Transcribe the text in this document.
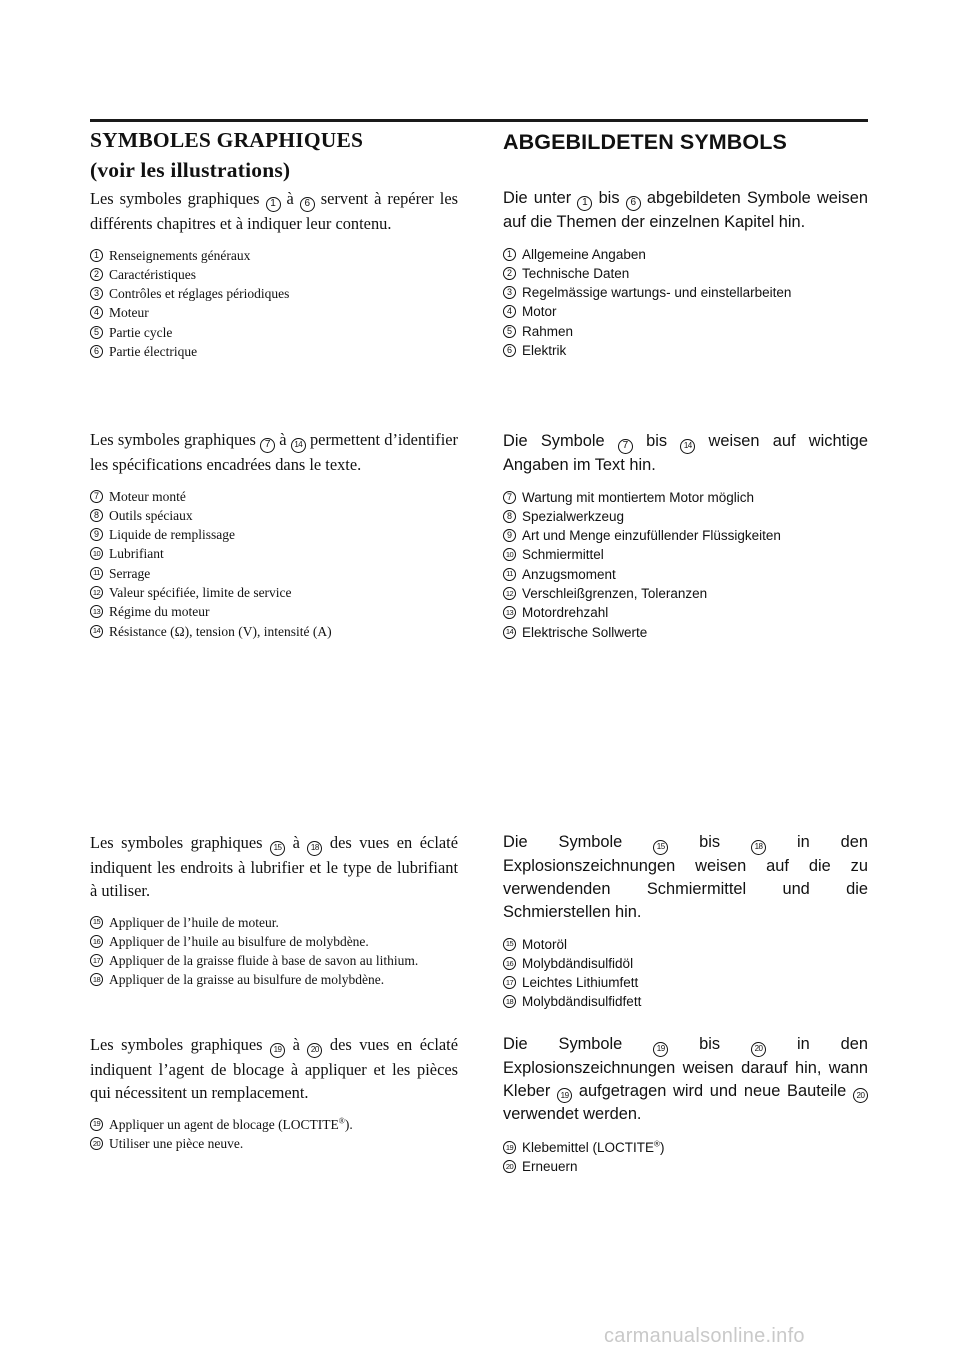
SYMBOLES GRAPHIQUES
(voir les illustrations)

Les symboles graphiques 1 à 6 servent à repérer les différents chapitres et à indiquer leur contenu.

1 Renseignements généraux
2 Caractéristiques
3 Contrôles et réglages périodiques
4 Moteur
5 Partie cycle
6 Partie électrique

Les symboles graphiques 7 à 14 permettent d’identifier les spécifications encadrées dans le texte.

7 Moteur monté
8 Outils spéciaux
9 Liquide de remplissage
10 Lubrifiant
11 Serrage
12 Valeur spécifiée, limite de service
13 Régime du moteur
14 Résistance (Ω), tension (V), intensité (A)

Les symboles graphiques 15 à 18 des vues en éclaté indiquent les endroits à lubrifier et le type de lubrifiant à utiliser.

15 Appliquer de l’huile de moteur.
16 Appliquer de l’huile au bisulfure de molybdène.
17 Appliquer de la graisse fluide à base de savon au lithium.
18 Appliquer de la graisse au bisulfure de molybdène.

Les symboles graphiques 19 à 20 des vues en éclaté indiquent l’agent de blocage à appliquer et les pièces qui nécessitent un remplacement.

19 Appliquer un agent de blocage (LOCTITE®).
20 Utiliser une pièce neuve.
ABGEBILDETEN SYMBOLS

Die unter 1 bis 6 abgebildeten Symbole weisen auf die Themen der einzelnen Kapitel hin.

1 Allgemeine Angaben
2 Technische Daten
3 Regelmässige wartungs- und einstellarbeiten
4 Motor
5 Rahmen
6 Elektrik

Die Symbole 7 bis 14 weisen auf wichtige Angaben im Text hin.

7 Wartung mit montiertem Motor möglich
8 Spezialwerkzeug
9 Art und Menge einzufüllender Flüssigkeiten
10 Schmiermittel
11 Anzugsmoment
12 Verschleißgrenzen, Toleranzen
13 Motordrehzahl
14 Elektrische Sollwerte

Die Symbole	15 bis	18 in den Explosionszeichnungen weisen auf die zu verwendenden Schmiermittel und die Schmierstellen hin.

15 Motoröl
16 Molybdändisulfidöl
17 Leichtes Lithiumfett
18 Molybdändisulfidfett

Die Symbole	19 bis	20 in den Explosionszeichnungen weisen darauf hin, wann Kleber 19 aufgetragen wird und neue Bauteile 20 verwendet werden.

19 Klebemittel (LOCTITE®)
20 Erneuern
carmanualsonline.info
